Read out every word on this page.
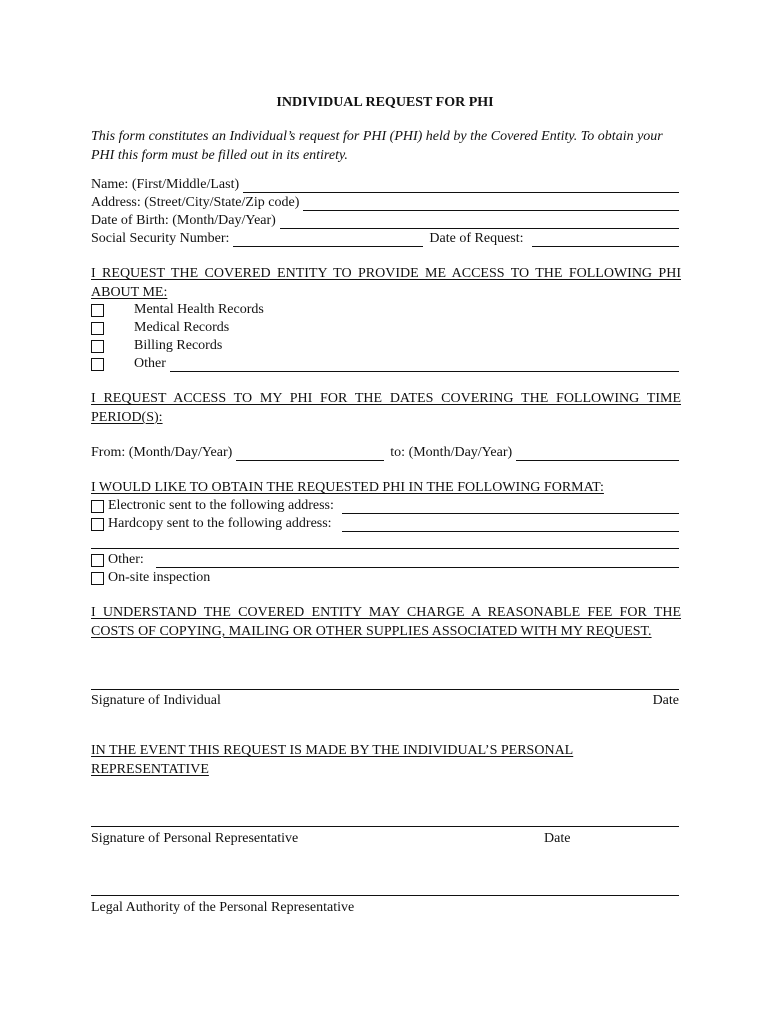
INDIVIDUAL REQUEST FOR PHI
This form constitutes an Individual’s request for PHI (PHI) held by the Covered Entity. To obtain your PHI this form must be filled out in its entirety.
Name: (First/Middle/Last)
Address: (Street/City/State/Zip code)
Date of Birth: (Month/Day/Year)
Social Security Number:	Date of Request:
I REQUEST THE COVERED ENTITY TO PROVIDE ME ACCESS TO THE FOLLOWING PHI ABOUT ME:
Mental Health Records
Medical Records
Billing Records
Other
I REQUEST ACCESS TO MY PHI FOR THE DATES COVERING THE FOLLOWING TIME PERIOD(S):
From: (Month/Day/Year)	to: (Month/Day/Year)
I WOULD LIKE TO OBTAIN THE REQUESTED PHI IN THE FOLLOWING FORMAT:
Electronic sent to the following address:
Hardcopy sent to the following address:
Other:
On-site inspection
I UNDERSTAND THE COVERED ENTITY MAY CHARGE A REASONABLE FEE FOR THE COSTS OF COPYING, MAILING OR OTHER SUPPLIES ASSOCIATED WITH MY REQUEST.
Signature of Individual	Date
IN THE EVENT THIS REQUEST IS MADE BY THE INDIVIDUAL’S PERSONAL REPRESENTATIVE
Signature of Personal Representative	Date
Legal Authority of the Personal Representative
